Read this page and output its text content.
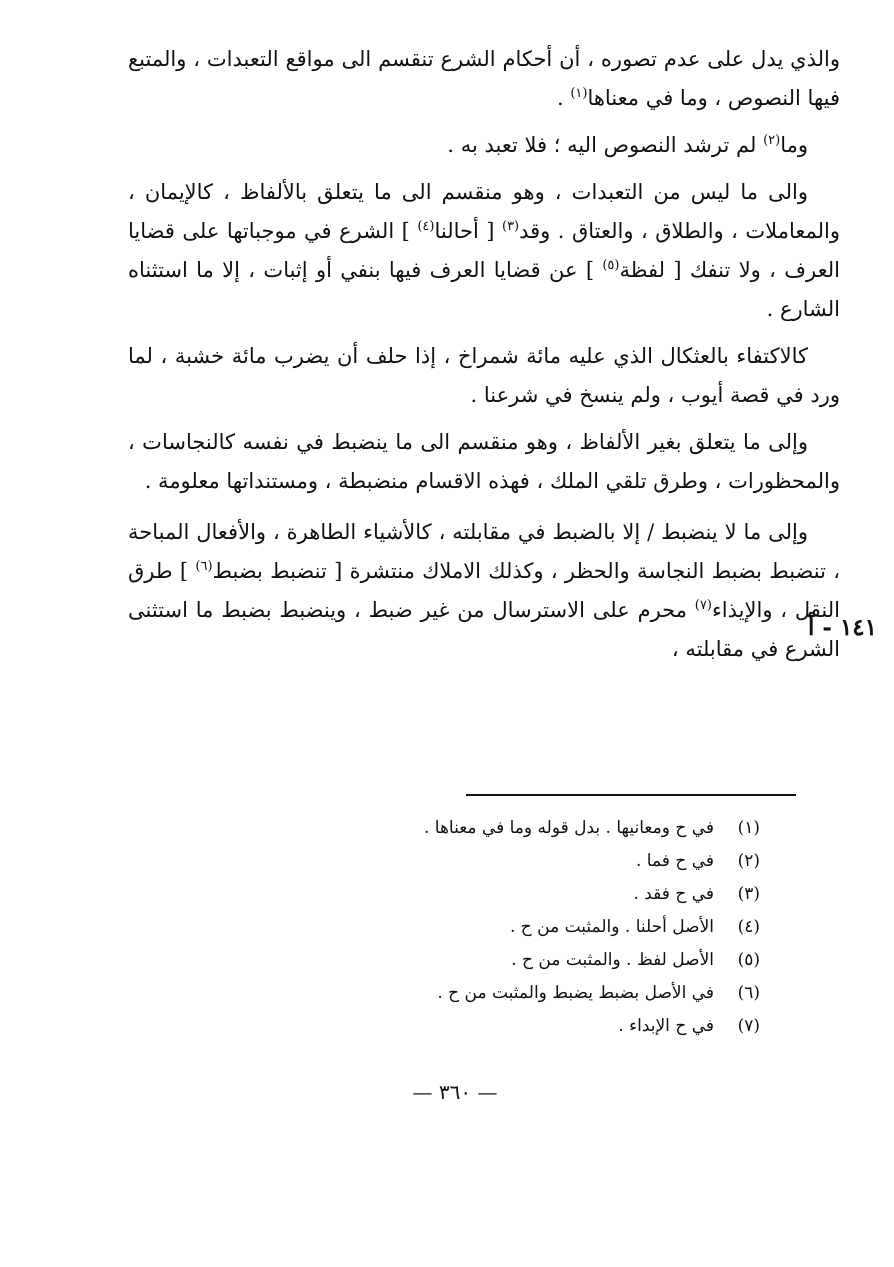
والذي يدل على عدم تصوره ، أن أحكام الشرع تنقسم الى مواقع التعبدات ، والمتبع فيها النصوص ، وما في معناها$^{(١)}$ .

وما$^{(٢)}$ لم ترشد النصوص اليه ؛ فلا تعبد به .

والى ما ليس من التعبدات ، وهو منقسم الى ما يتعلق بالألفاظ ، كالإيمان ، والمعاملات ، والطلاق ، والعتاق . وقد$^{(٣)}$ [ أحالنا$^{(٤)}$ ] الشرع في موجباتها على قضايا العرف ، ولا تنفك [ لفظة$^{(٥)}$ ] عن قضايا العرف فيها بنفي أو إثبات ، إلا ما استثناه الشارع .

كالاكتفاء بالعثكال الذي عليه مائة شمراخ ، إذا حلف أن يضرب مائة خشبة ، لما ورد في قصة أيوب ، ولم ينسخ في شرعنا .

وإلى ما يتعلق بغير الألفاظ ، وهو منقسم الى ما ينضبط في نفسه كالنجاسات ، والمحظورات ، وطرق تلقي الملك ، فهذه الاقسام منضبطة ، ومستنداتها معلومة .

وإلى ما لا ينضبط / إلا بالضبط في مقابلته ، كالأشياء الطاهرة ، والأفعال المباحة ، تنضبط بضبط النجاسة والحظر ، وكذلك الاملاك منتشرة [ تنضبط بضبط$^{(٦)}$ ] طرق النقل ، والإيذاء$^{(٧)}$ محرم على الاسترسال من غير ضبط ، وينضبط بضبط ما استثنى الشرع في مقابلته ،

١٤١ - أ
(١)في ح ومعانيها . بدل قوله وما في معناها .
(٢)في ح فما .
(٣)في ح فقد .
(٤)الأصل أحلنا . والمثبت من ح .
(٥)الأصل لفظ . والمثبت من ح .
(٦)في الأصل بضبط يضبط والمثبت من ح .
(٧)في ح الإبداء .
— ٣٦٠ —
